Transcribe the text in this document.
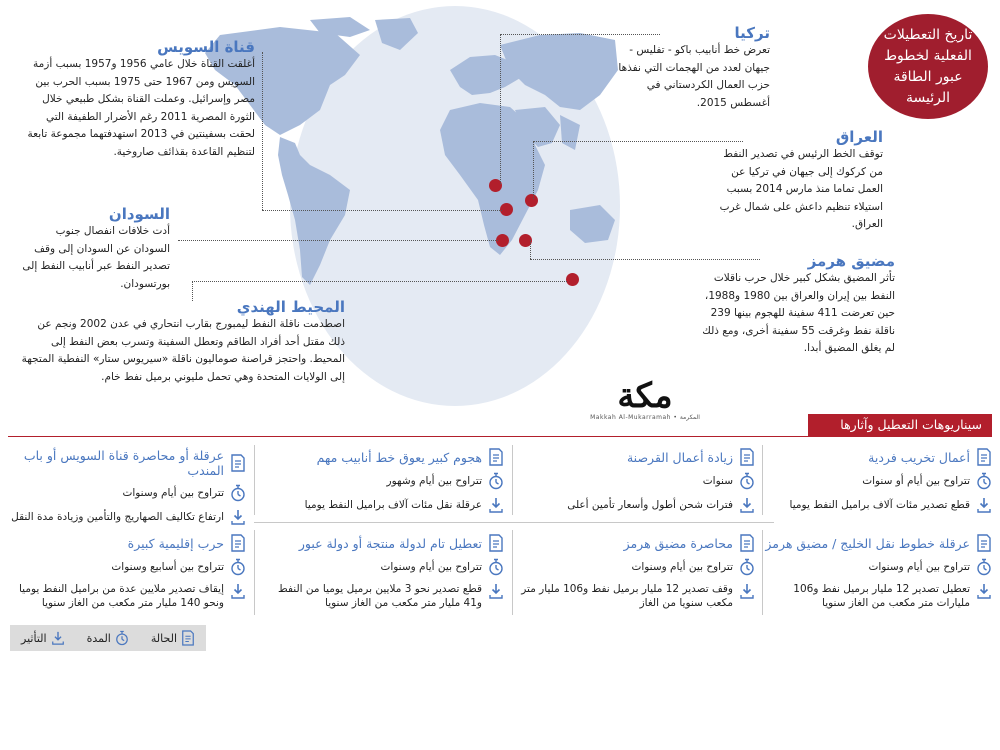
تاريخ التعطيلات الفعلية لخطوط عبور الطاقة الرئيسة
قناة السويس
أغلقت القناة خلال عامي 1956 و1957 بسبب أزمة السويس ومن 1967 حتى 1975 بسبب الحرب بين مصر وإسرائيل. وعملت القناة بشكل طبيعي خلال الثورة المصرية 2011 رغم الأضرار الطفيفة التي لحقت بسفينتين في 2013 استهدفتهما مجموعة تابعة لتنظيم القاعدة بقذائف صاروخية.
السودان
أدت خلافات انفصال جنوب السودان عن السودان إلى وقف تصدير النفط عبر أنابيب النفط إلى بورتسودان.
المحيط الهندي
اصطدمت ناقلة النفط ليمبورج بقارب انتحاري في عدن 2002 ونجم عن ذلك مقتل أحد أفراد الطاقم وتعطل السفينة وتسرب بعض النفط إلى المحيط. واحتجز قراصنة صوماليون ناقلة «سيريوس ستار» النفطية المتجهة إلى الولايات المتحدة وهي تحمل مليوني برميل نفط خام.
تركيا
تعرض خط أنابيب باكو - تفليس - جيهان لعدد من الهجمات التي نفذها حزب العمال الكردستاني في أغسطس 2015.
العراق
توقف الخط الرئيس في تصدير النفط من كركوك إلى جيهان في تركيا عن العمل تماما منذ مارس 2014 بسبب استيلاء تنظيم داعش على شمال غرب العراق.
مضيق هرمز
تأثر المضيق بشكل كبير خلال حرب ناقلات النفط بين إيران والعراق بين 1980 و1988، حين تعرضت 411 سفينة للهجوم بينها 239 ناقلة نفط وغرقت 55 سفينة أخرى، ومع ذلك لم يغلق المضيق أبدا.
مكة
Makkah Al-Mukarramah • المكرمة	سيناريوهات التعطيل وآثارها
أعمال تخريب فردية
تتراوح بين أيام أو سنوات
قطع تصدير مئات آلاف براميل النفط يوميا
زيادة أعمال القرصنة
سنوات
فترات شحن أطول وأسعار تأمين أعلى
هجوم كبير يعوق خط أنابيب مهم
تتراوح بين أيام وشهور
عرقلة نقل مئات آلاف براميل النفط يوميا
عرقلة أو محاصرة قناة السويس أو باب المندب
تتراوح بين أيام وسنوات
ارتفاع تكاليف الصهاريج والتأمين وزيادة مدة النقل
عرقلة خطوط نقل الخليج / مضيق هرمز
تتراوح بين أيام وسنوات
تعطيل تصدير 12 مليار برميل نفط و106 مليارات متر مكعب من الغاز سنويا
محاصرة مضيق هرمز
تتراوح بين أيام وسنوات
وقف تصدير 12 مليار برميل نفط و106 مليار متر مكعب سنويا من الغاز
تعطيل تام لدولة منتجة أو دولة عبور
تتراوح بين أيام وسنوات
قطع تصدير نحو 3 ملايين برميل يوميا من النفط و41 مليار متر مكعب من الغاز سنويا
حرب إقليمية كبيرة
تتراوح بين أسابيع وسنوات
إيقاف تصدير ملايين عدة من براميل النفط يوميا ونحو 140 مليار متر مكعب من الغاز سنويا
الحالة
المدة
التأثير
